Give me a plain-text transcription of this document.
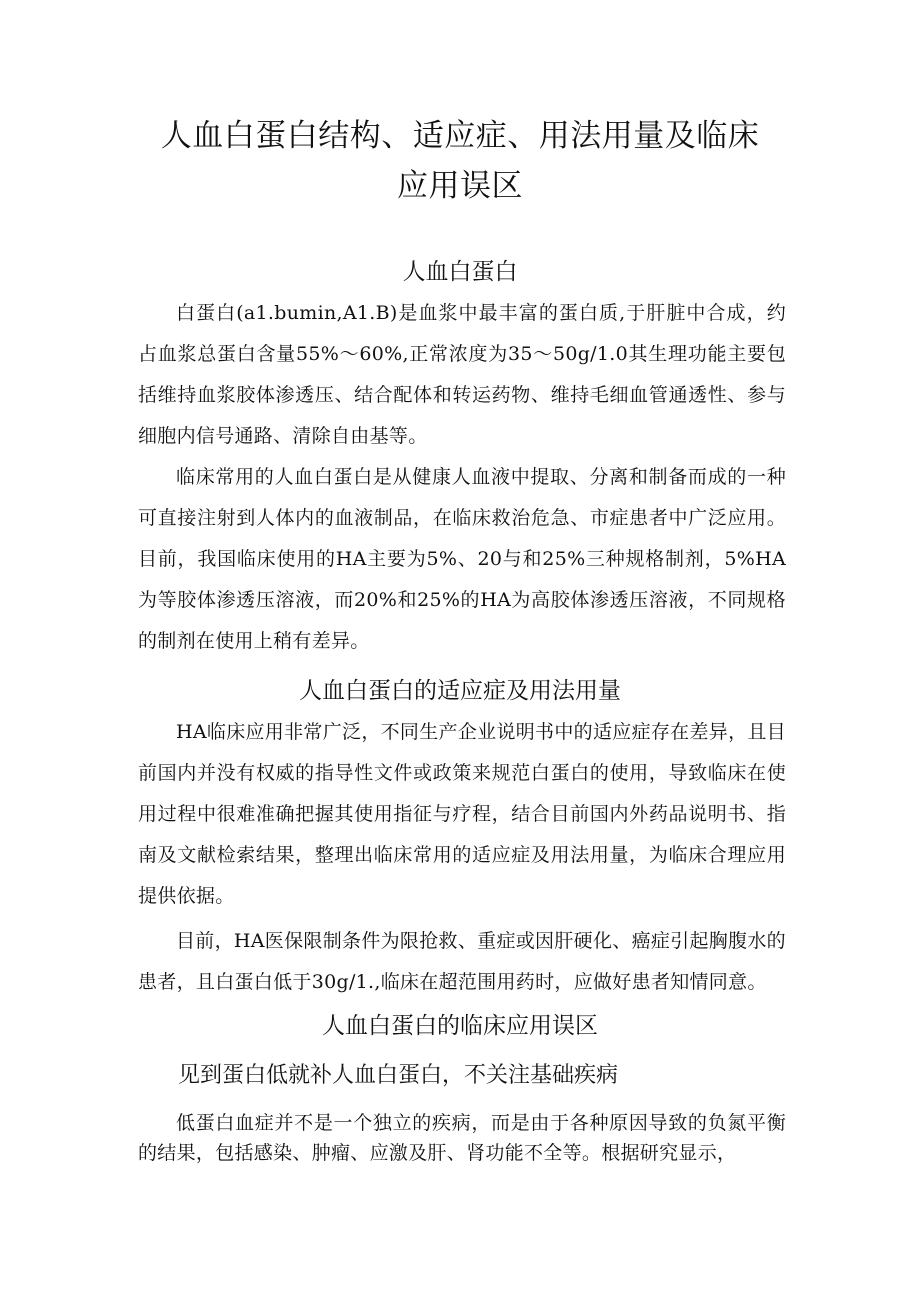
人血白蛋白结构、适应症、用法用量及临床
应用误区
人血白蛋白

白蛋白(a1.bumin,A1.B)是血浆中最丰富的蛋白质,于肝脏中合成，约占血浆总蛋白含量55%～60%,正常浓度为35～50g∕1.0其生理功能主要包括维持血浆胶体渗透压、结合配体和转运药物、维持毛细血管通透性、参与细胞内信号通路、清除自由基等。

临床常用的人血白蛋白是从健康人血液中提取、分离和制备而成的一种可直接注射到人体内的血液制品，在临床救治危急、市症患者中广泛应用。目前，我国临床使用的HA主要为5%、20与和25%三种规格制剂，5%HA为等胶体渗透压溶液，而20%和25%的HA为高胶体渗透压溶液，不同规格的制剂在使用上稍有差异。

人血白蛋白的适应症及用法用量

HA临床应用非常广泛，不同生产企业说明书中的适应症存在差异，且目前国内并没有权威的指导性文件或政策来规范白蛋白的使用，导致临床在使用过程中很难准确把握其使用指征与疗程，结合目前国内外药品说明书、指南及文献检索结果，整理出临床常用的适应症及用法用量，为临床合理应用提供依据。

目前，HA医保限制条件为限抢救、重症或因肝硬化、癌症引起胸腹水的患者，且白蛋白低于30g∕1.,临床在超范围用药时，应做好患者知情同意。

人血白蛋白的临床应用误区
见到蛋白低就补人血白蛋白，不关注基础疾病

低蛋白血症并不是一个独立的疾病，而是由于各种原因导致的负氮平衡的结果，包括感染、肿瘤、应激及肝、肾功能不全等。根据研究显示，
